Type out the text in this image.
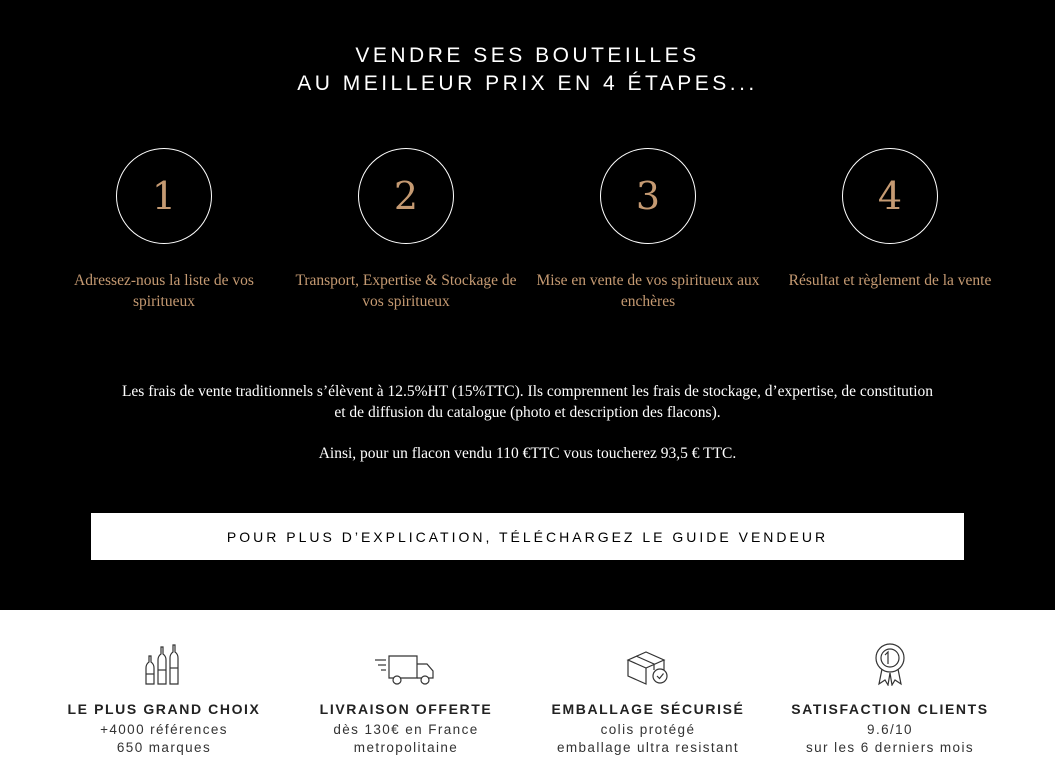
VENDRE SES BOUTEILLES
AU MEILLEUR PRIX EN 4 ÉTAPES...
1
Adressez-nous la liste de vos spiritueux
2
Transport, Expertise & Stockage de vos spiritueux
3
Mise en vente de vos spiritueux aux enchères
4
Résultat et règlement de la vente

Les frais de vente traditionnels s’élèvent à 12.5%HT (15%TTC). Ils comprennent les frais de stockage, d’expertise, de constitution et de diffusion du catalogue (photo et description des flacons).

Ainsi, pour un flacon vendu 110 €TTC vous toucherez 93,5 € TTC.

POUR PLUS D’EXPLICATION, TÉLÉCHARGEZ LE GUIDE VENDEUR
LE PLUS GRAND CHOIX
+4000 références
650 marques
LIVRAISON OFFERTE
dès 130€ en France
metropolitaine
EMBALLAGE SÉCURISÉ
colis protégé
emballage ultra resistant
SATISFACTION CLIENTS
9.6/10
sur les 6 derniers mois
